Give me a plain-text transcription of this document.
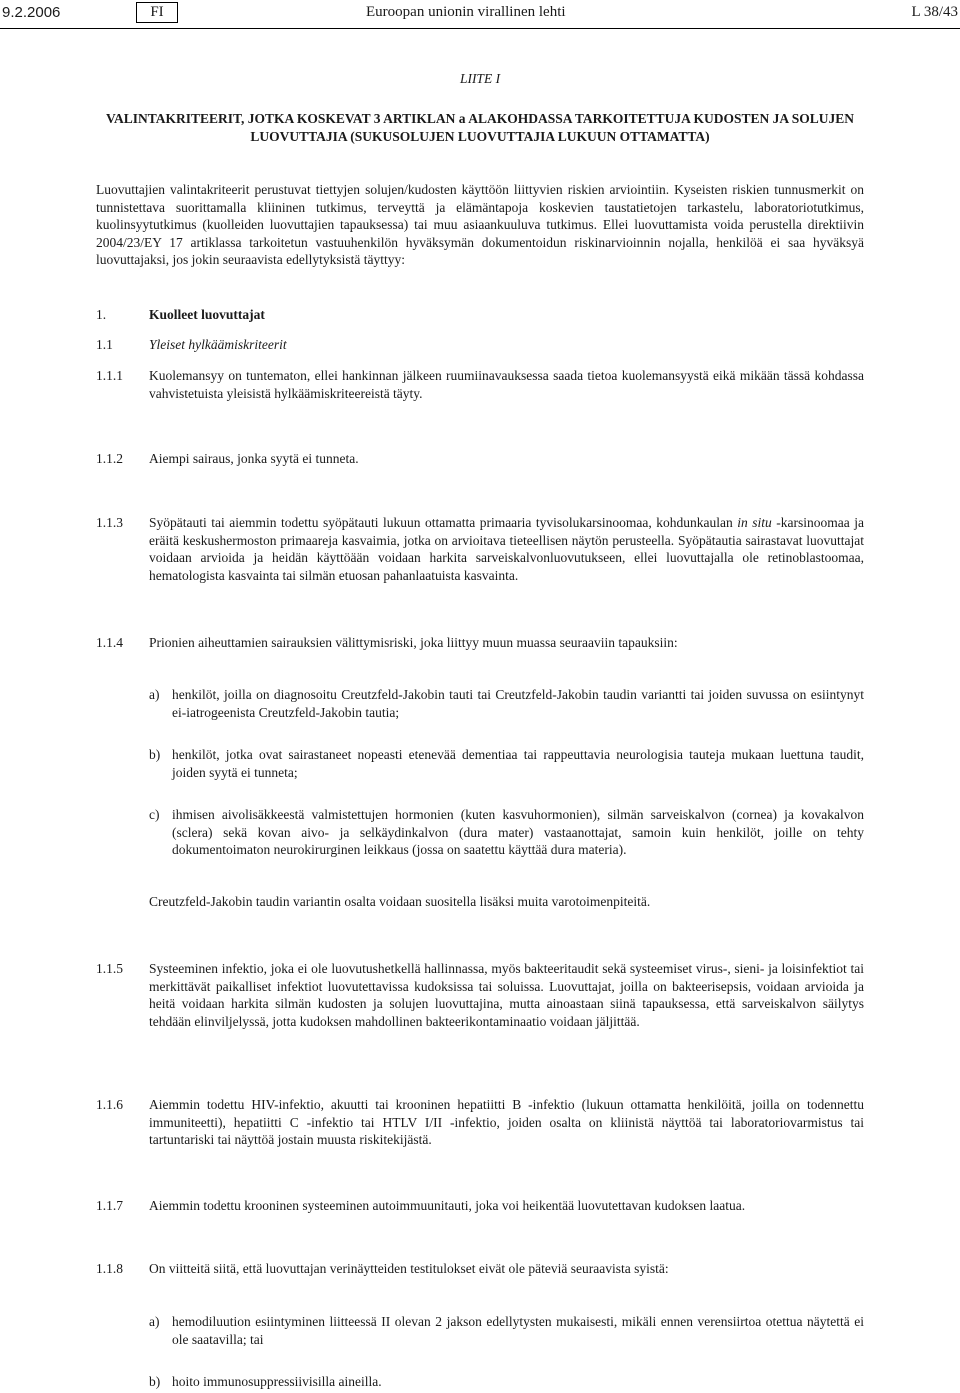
9.2.2006	FI	Euroopan unionin virallinen lehti	L 38/43
LIITE I
VALINTAKRITEERIT, JOTKA KOSKEVAT 3 ARTIKLAN a ALAKOHDASSA TARKOITETTUJA KUDOSTEN JA SOLUJEN LUOVUTTAJIA (SUKUSOLUJEN LUOVUTTAJIA LUKUUN OTTAMATTA)
Luovuttajien valintakriteerit perustuvat tiettyjen solujen/kudosten käyttöön liittyvien riskien arviointiin. Kyseisten riskien tunnusmerkit on tunnistettava suorittamalla kliininen tutkimus, terveyttä ja elämäntapoja koskevien taustatietojen tarkastelu, laboratoriotutkimus, kuolinsyytutkimus (kuolleiden luovuttajien tapauksessa) tai muu asiaankuuluva tutkimus. Ellei luovuttamista voida perustella direktiivin 2004/23/EY 17 artiklassa tarkoitetun vastuuhenkilön hyväksymän dokumentoidun riskinarvioinnin nojalla, henkilöä ei saa hyväksyä luovuttajaksi, jos jokin seuraavista edellytyksistä täyttyy:
1.	Kuolleet luovuttajat
1.1	Yleiset hylkäämiskriteerit
1.1.1 Kuolemansyy on tuntematon, ellei hankinnan jälkeen ruumiinavauksessa saada tietoa kuolemansyystä eikä mikään tässä kohdassa vahvistetuista yleisistä hylkäämiskriteereistä täyty.
1.1.2 Aiempi sairaus, jonka syytä ei tunneta.
1.1.3 Syöpätauti tai aiemmin todettu syöpätauti lukuun ottamatta primaaria tyvisolukarsinoomaa, kohdunkaulan in situ -karsinoomaa ja eräitä keskushermoston primaareja kasvaimia, jotka on arvioitava tieteellisen näytön perusteella. Syöpätautia sairastavat luovuttajat voidaan arvioida ja heidän käyttöään voidaan harkita sarveiskalvonluovutukseen, ellei luovuttajalla ole retinoblastoomaa, hematologista kasvainta tai silmän etuosan pahanlaatuista kasvainta.
1.1.4 Prionien aiheuttamien sairauksien välittymisriski, joka liittyy muun muassa seuraaviin tapauksiin:
a) henkilöt, joilla on diagnosoitu Creutzfeld-Jakobin tauti tai Creutzfeld-Jakobin taudin variantti tai joiden suvussa on esiintynyt ei-iatrogeenista Creutzfeld-Jakobin tautia;
b) henkilöt, jotka ovat sairastaneet nopeasti etenevää dementiaa tai rappeuttavia neurologisia tauteja mukaan luettuna taudit, joiden syytä ei tunneta;
c) ihmisen aivolisäkkeestä valmistettujen hormonien (kuten kasvuhormonien), silmän sarveiskalvon (cornea) ja kovakalvon (sclera) sekä kovan aivo- ja selkäydinkalvon (dura mater) vastaanottajat, samoin kuin henkilöt, joille on tehty dokumentoimaton neurokirurginen leikkaus (jossa on saatettu käyttää dura materia).
Creutzfeld-Jakobin taudin variantin osalta voidaan suositella lisäksi muita varotoimenpiteitä.
1.1.5 Systeeminen infektio, joka ei ole luovutushetkellä hallinnassa, myös bakteeritaudit sekä systeemiset virus-, sieni- ja loisinfektiot tai merkittävät paikalliset infektiot luovutettavissa kudoksissa tai soluissa. Luovuttajat, joilla on bakteerisepsis, voidaan arvioida ja heitä voidaan harkita silmän kudosten ja solujen luovuttajina, mutta ainoastaan siinä tapauksessa, että sarveiskalvon säilytys tehdään elinviljelyssä, jotta kudoksen mahdollinen bakteerikontaminaatio voidaan jäljittää.
1.1.6 Aiemmin todettu HIV-infektio, akuutti tai krooninen hepatiitti B -infektio (lukuun ottamatta henkilöitä, joilla on todennettu immuniteetti), hepatiitti C -infektio tai HTLV I/II -infektio, joiden osalta on kliinistä näyttöä tai laboratoriovarmistus tai tartuntariski tai näyttöä jostain muusta riskitekijästä.
1.1.7 Aiemmin todettu krooninen systeeminen autoimmuunitauti, joka voi heikentää luovutettavan kudoksen laatua.
1.1.8 On viitteitä siitä, että luovuttajan verinäytteiden testitulokset eivät ole päteviä seuraavista syistä:
a) hemodiluution esiintyminen liitteessä II olevan 2 jakson edellytysten mukaisesti, mikäli ennen verensiirtoa otettua näytettä ei ole saatavilla; tai
b) hoito immunosuppressiivisilla aineilla.
